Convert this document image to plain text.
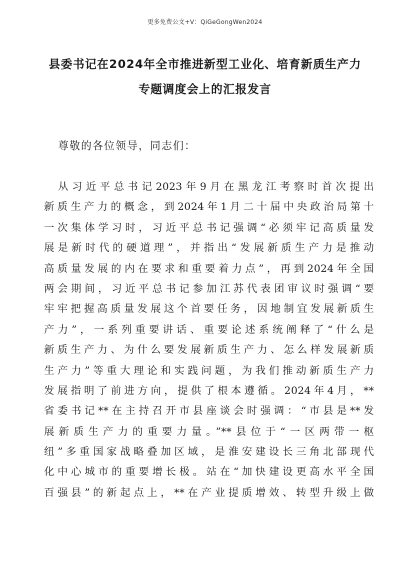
更多免费公文+V：QiGeGongWen2024
县委书记在2024年全市推进新型工业化、培育新质生产力
专题调度会上的汇报发言
尊敬的各位领导，同志们：
从习近平总书记2023年9月在黑龙江考察时首次提出
新质生产力的概念，到2024年1月二十届中央政治局第十
一次集体学习时，习近平总书记强调“必须牢记高质量发
展是新时代的硬道理”，并指出“发展新质生产力是推动
高质量发展的内在要求和重要着力点”，再到2024年全国
两会期间，习近平总书记参加江苏代表团审议时强调“要
牢牢把握高质量发展这个首要任务，因地制宜发展新质生
产力”，一系列重要讲话、重要论述系统阐释了“什么是
新质生产力、为什么要发展新质生产力、怎么样发展新质
生产力”等重大理论和实践问题，为我们推动新质生产力
发展指明了前进方向，提供了根本遵循。2024年4月，**
省委书记**在主持召开市县座谈会时强调：“市县是**发
展新质生产力的重要力量。”**县位于“一区两带一枢
纽”多重国家战略叠加区域，是淮安建设长三角北部现代
化中心城市的重要增长极。站在“加快建设更高水平全国
百强县”的新起点上，**在产业提质增效、转型升级上做
